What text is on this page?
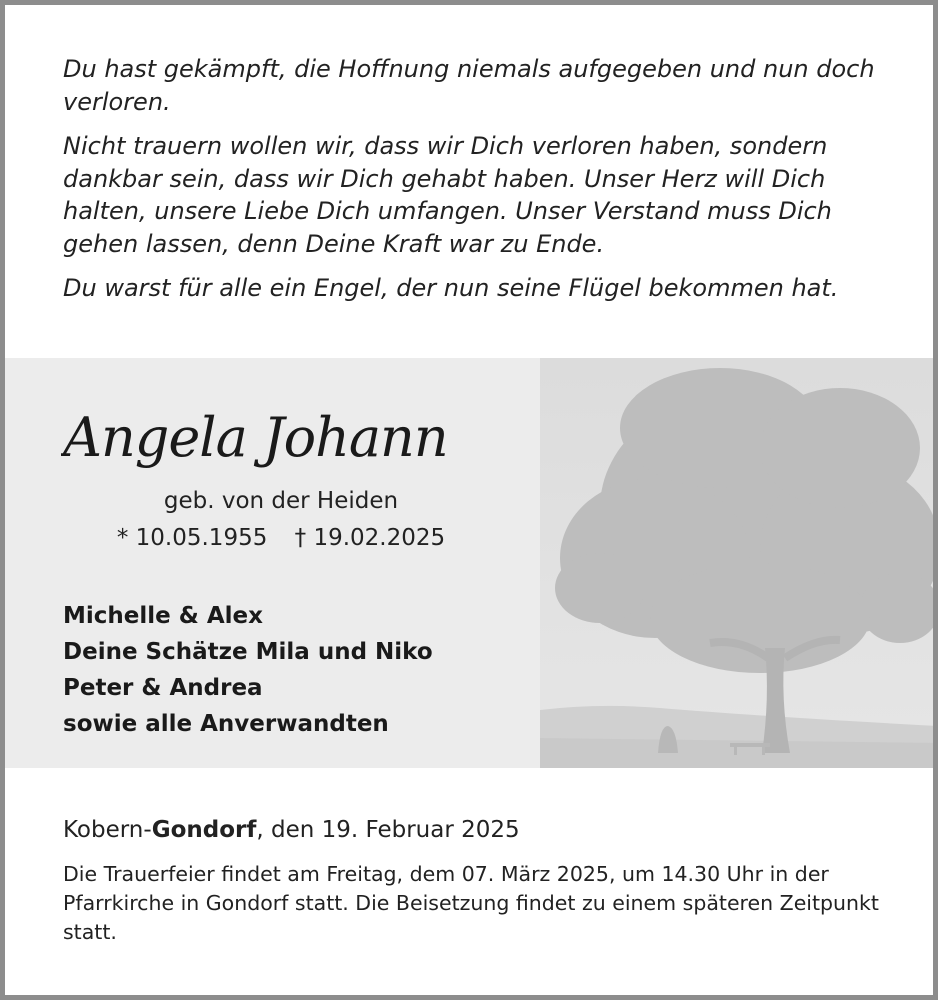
Du hast gekämpft, die Hoffnung niemals aufgegeben und nun doch verloren.

Nicht trauern wollen wir, dass wir Dich verloren haben, sondern dankbar sein, dass wir Dich gehabt haben. Unser Herz will Dich halten, unsere Liebe Dich umfangen. Unser Verstand muss Dich gehen lassen, denn Deine Kraft war zu Ende.

Du warst für alle ein Engel, der nun seine Flügel bekommen hat.

Angela Johann
geb. von der Heiden
* 10.05.1955 † 19.02.2025
Michelle & Alex
Deine Schätze Mila und Niko
Peter & Andrea
sowie alle Anverwandten
Kobern-Gondorf, den 19. Februar 2025
Die Trauerfeier findet am Freitag, dem 07. März 2025, um 14.30 Uhr in der Pfarrkirche in Gondorf statt. Die Beisetzung findet zu einem späteren Zeitpunkt statt.
